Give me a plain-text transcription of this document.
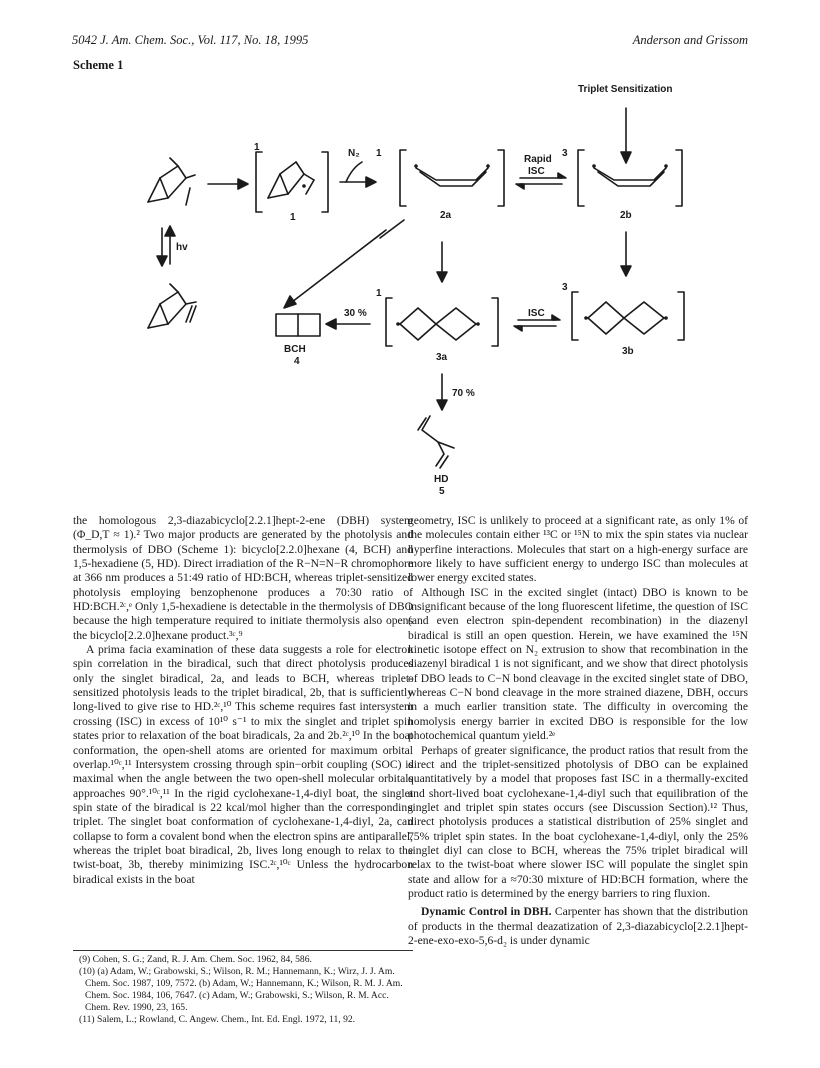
5042 J. Am. Chem. Soc., Vol. 117, No. 18, 1995	Anderson and Grissom
Scheme 1
Triplet Sensitization
1
1
N₂ 1
Rapid
ISC
3
2a	2b
hv
30 %
1
ISC
3
BCH
4	3a
3b
70 %
HD
5

the homologous 2,3-diazabicyclo[2.2.1]hept-2-ene (DBH) system (Φ_D,T ≈ 1).² Two major products are generated by the photolysis and thermolysis of DBO (Scheme 1): bicyclo[2.2.0]hexane (4, BCH) and 1,5-hexadiene (5, HD). Direct irradiation of the R−N=N−R chromophore at 366 nm produces a 51:49 ratio of HD:BCH, whereas triplet-sensitized photolysis employing benzophenone produces a 70:30 ratio of HD:BCH.²ᶜ,ᵉ Only 1,5-hexadiene is detectable in the thermolysis of DBO because the high temperature required to initiate thermolysis also opens the bicyclo[2.2.0]hexane product.³ᶜ,⁹

A prima facia examination of these data suggests a role for electron spin correlation in the biradical, such that direct photolysis produces only the singlet biradical, 2a, and leads to BCH, whereas triplet-sensitized photolysis leads to the triplet biradical, 2b, that is sufficiently long-lived to give rise to HD.²ᶜ,¹⁰ This scheme requires fast intersystem crossing (ISC) in excess of 10¹⁰ s⁻¹ to mix the singlet and triplet spin states prior to relaxation of the boat biradicals, 2a and 2b.²ᶜ,¹⁰ In the boat conformation, the open-shell atoms are oriented for maximum orbital overlap.¹⁰ᶜ,¹¹ Intersystem crossing through spin−orbit coupling (SOC) is maximal when the angle between the two open-shell molecular orbitals approaches 90°.¹⁰ᶜ,¹¹ In the rigid cyclohexane-1,4-diyl boat, the singlet spin state of the biradical is 22 kcal/mol higher than the corresponding triplet. The singlet boat conformation of cyclohexane-1,4-diyl, 2a, can collapse to form a covalent bond when the electron spins are antiparallel, whereas the triplet boat biradical, 2b, lives long enough to relax to the twist-boat, 3b, thereby minimizing ISC.²ᶜ,¹⁰ᶜ Unless the hydrocarbon biradical exists in the boat

(9) Cohen, S. G.; Zand, R. J. Am. Chem. Soc. 1962, 84, 586.

(10) (a) Adam, W.; Grabowski, S.; Wilson, R. M.; Hannemann, K.; Wirz, J. J. Am. Chem. Soc. 1987, 109, 7572. (b) Adam, W.; Hannemann, K.; Wilson, R. M. J. Am. Chem. Soc. 1984, 106, 7647. (c) Adam, W.; Grabowski, S.; Wilson, R. M. Acc. Chem. Rev. 1990, 23, 165.

(11) Salem, L.; Rowland, C. Angew. Chem., Int. Ed. Engl. 1972, 11, 92.

geometry, ISC is unlikely to proceed at a significant rate, as only 1% of the molecules contain either ¹³C or ¹⁵N to mix the spin states via nuclear hyperfine interactions. Molecules that start on a high-energy surface are more likely to have sufficient energy to undergo ISC than molecules at lower energy excited states.

Although ISC in the excited singlet (intact) DBO is known to be insignificant because of the long fluorescent lifetime, the question of ISC (and even electron spin-dependent recombination) in the diazenyl biradical is still an open question. Herein, we have examined the ¹⁵N kinetic isotope effect on N₂ extrusion to show that recombination in the diazenyl biradical 1 is not significant, and we show that direct photolysis of DBO leads to C−N bond cleavage in the excited singlet state of DBO, whereas C−N bond cleavage in the more strained diazene, DBH, occurs in a much earlier transition state. The difficulty in overcoming the homolysis energy barrier in excited DBO is responsible for the low photochemical quantum yield.²ᵉ

Perhaps of greater significance, the product ratios that result from the direct and the triplet-sensitized photolysis of DBO can be explained quantitatively by a model that proposes fast ISC in a thermally-excited and short-lived boat cyclohexane-1,4-diyl such that equilibration of the singlet and triplet spin states occurs (see Discussion Section).¹² Thus, direct photolysis produces a statistical distribution of 25% singlet and 75% triplet spin states. In the boat cyclohexane-1,4-diyl, only the 25% singlet diyl can close to BCH, whereas the 75% triplet biradical will relax to the twist-boat where slower ISC will populate the singlet spin state and allow for a ≈70:30 mixture of HD:BCH formation, where the product ratio is determined by the energy barriers to ring fluxion.

Dynamic Control in DBH. Carpenter has shown that the distribution of products in the thermal deazatization of 2,3-diazabicyclo[2.2.1]hept-2-ene-exo-exo-5,6-d₂ is under dynamic
